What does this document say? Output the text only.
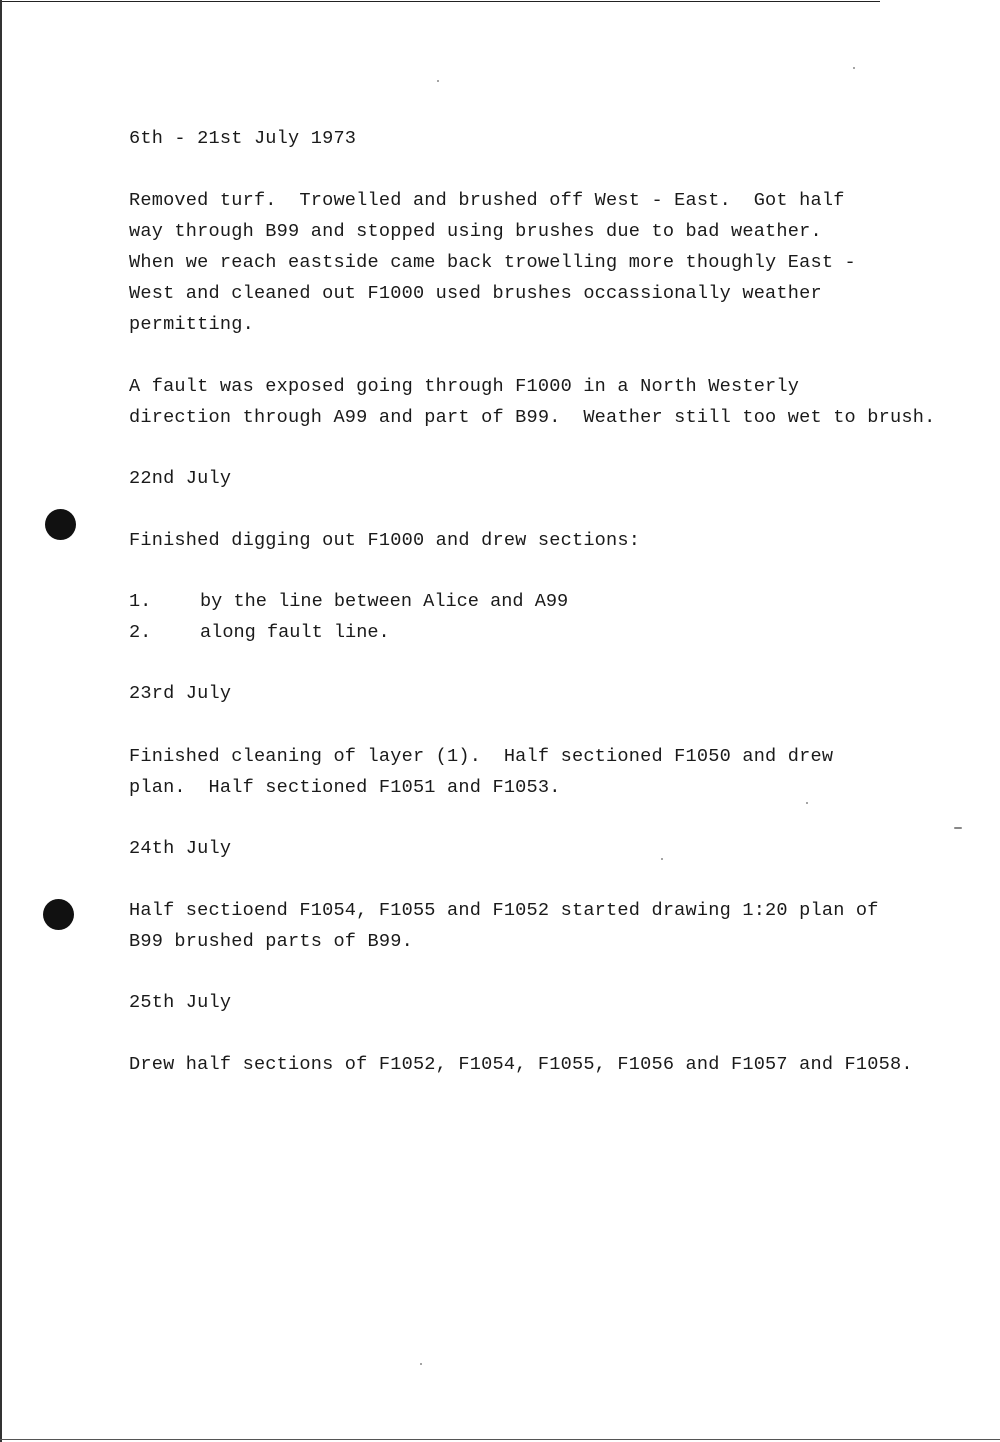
6th - 21st July 1973
Removed turf.  Trowelled and brushed off West - East.  Got half
way through B99 and stopped using brushes due to bad weather.
When we reach eastside came back trowelling more thoughly East -
West and cleaned out F1000 used brushes occassionally weather
permitting.
A fault was exposed going through F1000 in a North Westerly
direction through A99 and part of B99.  Weather still too wet to brush.
22nd July
Finished digging out F1000 and drew sections:
1.	by the line between Alice and A99
2.	along fault line.
23rd July
Finished cleaning of layer (1).  Half sectioned F1050 and drew
plan.  Half sectioned F1051 and F1053.
24th July
Half sectioend F1054, F1055 and F1052 started drawing 1:20 plan of
B99 brushed parts of B99.
25th July
Drew half sections of F1052, F1054, F1055, F1056 and F1057 and F1058.
